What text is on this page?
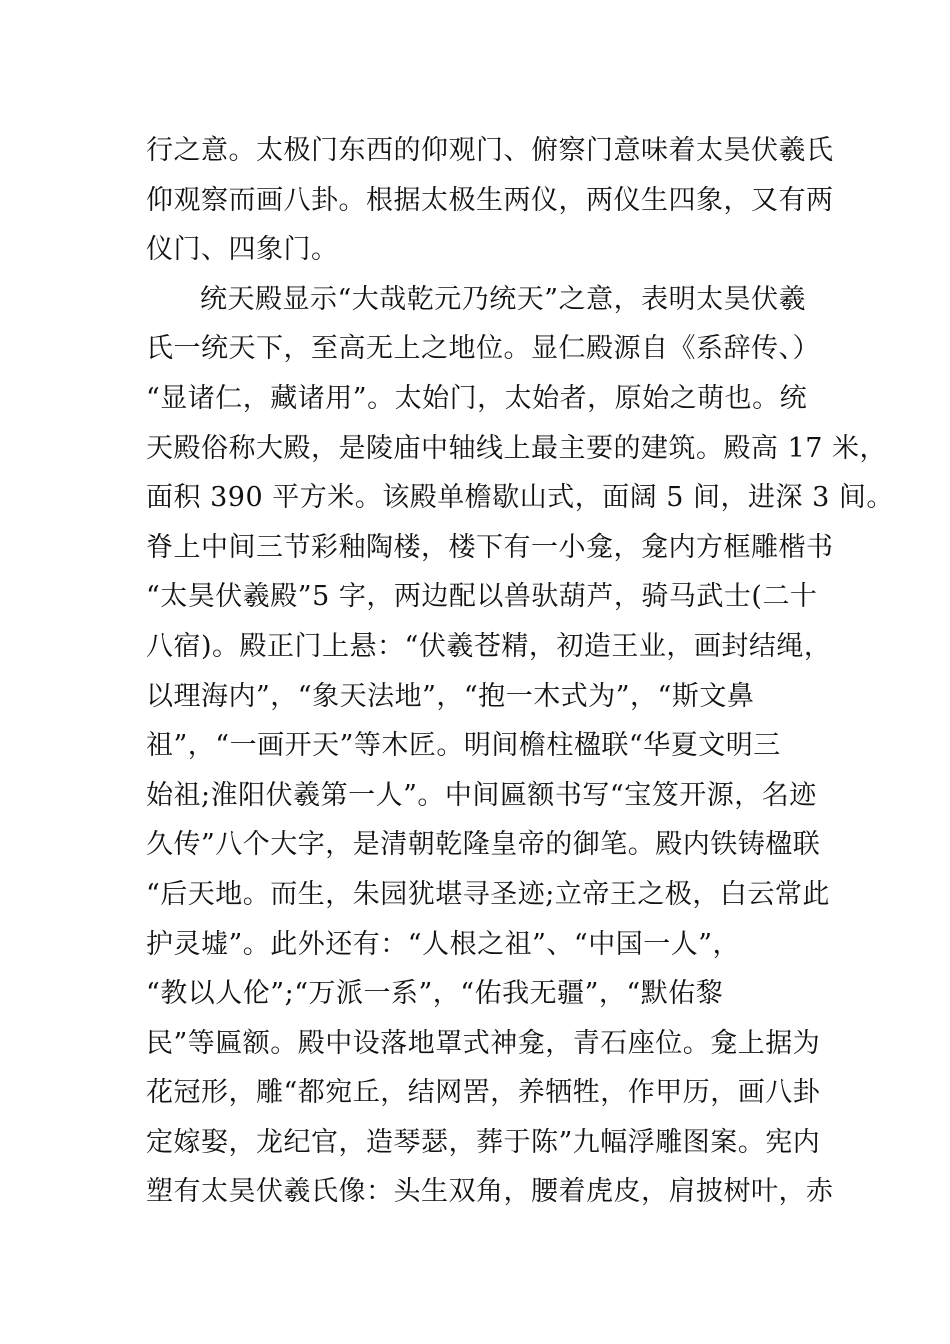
行之意。太极门东西的仰观门、俯察门意味着太昊伏羲氏
仰观察而画八卦。根据太极生两仪，两仪生四象，又有两
仪门、四象门。
统天殿显示“大哉乾元乃统天”之意，表明太昊伏羲
氏一统天下，至高无上之地位。显仁殿源自《系辞传、）
“显诸仁，藏诸用”。太始门，太始者，原始之萌也。统
天殿俗称大殿，是陵庙中轴线上最主要的建筑。殿高 17 米，
面积 390 平方米。该殿单檐歇山式，面阔 5 间，进深 3 间。
脊上中间三节彩釉陶楼，楼下有一小龛，龛内方框雕楷书
“太昊伏羲殿”5 字，两边配以兽驮葫芦，骑马武士(二十
八宿)。殿正门上悬：“伏羲苍精，初造王业，画封结绳，
以理海内”，“象天法地”，“抱一木式为”，“斯文鼻
祖”，“一画开天”等木匠。明间檐柱楹联“华夏文明三
始祖;淮阳伏羲第一人”。中间匾额书写“宝笈开源，名迹
久传”八个大字，是清朝乾隆皇帝的御笔。殿内铁铸楹联
“后天地。而生，朱园犹堪寻圣迹;立帝王之极，白云常此
护灵墟”。此外还有：“人根之祖”、“中国一人”，
“教以人伦”;“万派一系”，“佑我无疆”，“默佑黎
民”等匾额。殿中设落地罩式神龛，青石座位。龛上据为
花冠形，雕“都宛丘，结网罟，养牺牲，作甲历，画八卦
定嫁娶，龙纪官，造琴瑟，葬于陈”九幅浮雕图案。宪内
塑有太昊伏羲氏像：头生双角，腰着虎皮，肩披树叶，赤
